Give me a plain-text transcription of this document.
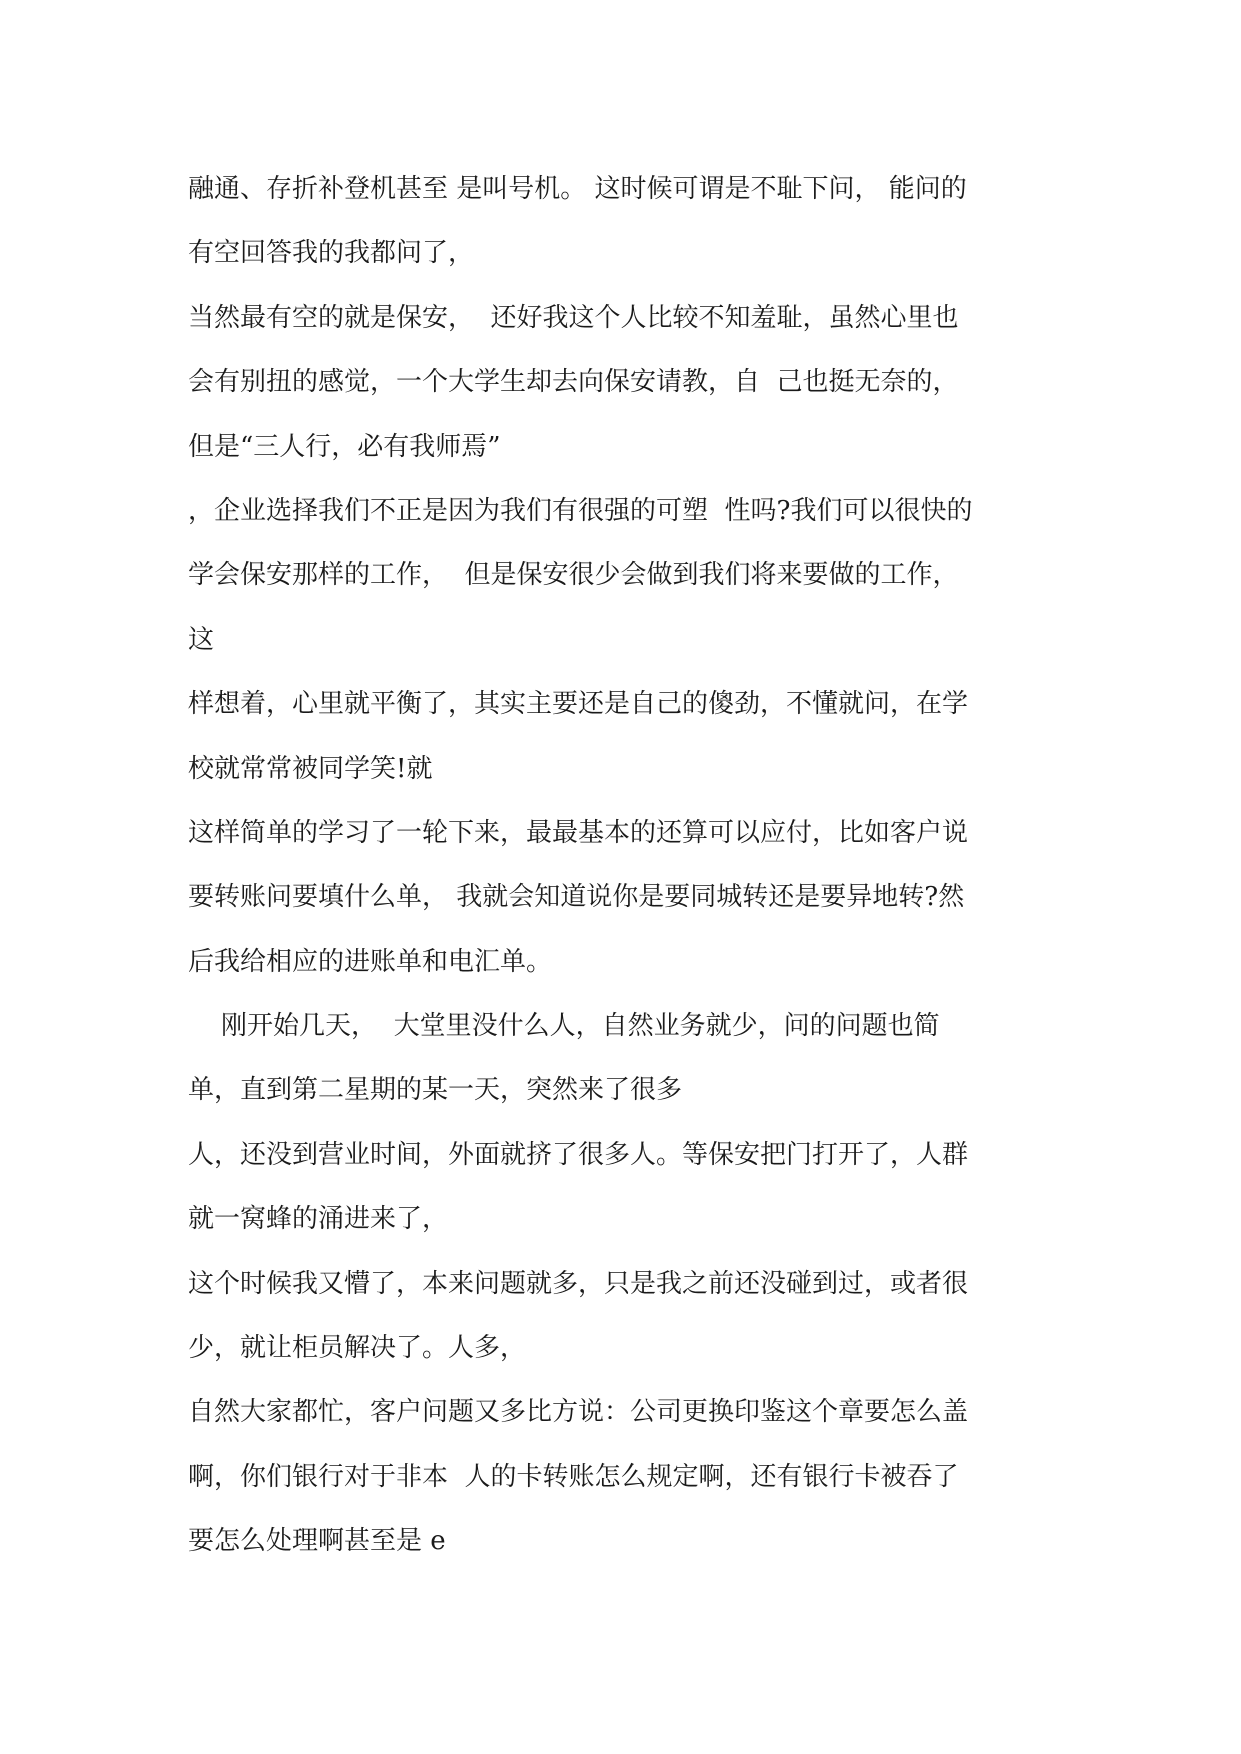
融通、存折补登机甚至 是叫号机。 这时候可谓是不耻下问， 能问的
有空回答我的我都问了，
当然最有空的就是保安，  还好我这个人比较不知羞耻，虽然心里也
会有别扭的感觉，一个大学生却去向保安请教，自  己也挺无奈的，
但是“三人行，必有我师焉”
，企业选择我们不正是因为我们有很强的可塑  性吗?我们可以很快的
学会保安那样的工作，  但是保安很少会做到我们将来要做的工作，
这
样想着，心里就平衡了，其实主要还是自己的傻劲，不懂就问，在学
校就常常被同学笑!就
这样简单的学习了一轮下来，最最基本的还算可以应付，比如客户说
要转账问要填什么单， 我就会知道说你是要同城转还是要异地转?然
后我给相应的进账单和电汇单。
刚开始几天，  大堂里没什么人，自然业务就少，问的问题也简
单，直到第二星期的某一天，突然来了很多
人，还没到营业时间，外面就挤了很多人。等保安把门打开了，人群
就一窝蜂的涌进来了，
这个时候我又懵了，本来问题就多，只是我之前还没碰到过，或者很
少，就让柜员解决了。人多，
自然大家都忙，客户问题又多比方说：公司更换印鉴这个章要怎么盖
啊，你们银行对于非本  人的卡转账怎么规定啊，还有银行卡被吞了
要怎么处理啊甚至是 e
